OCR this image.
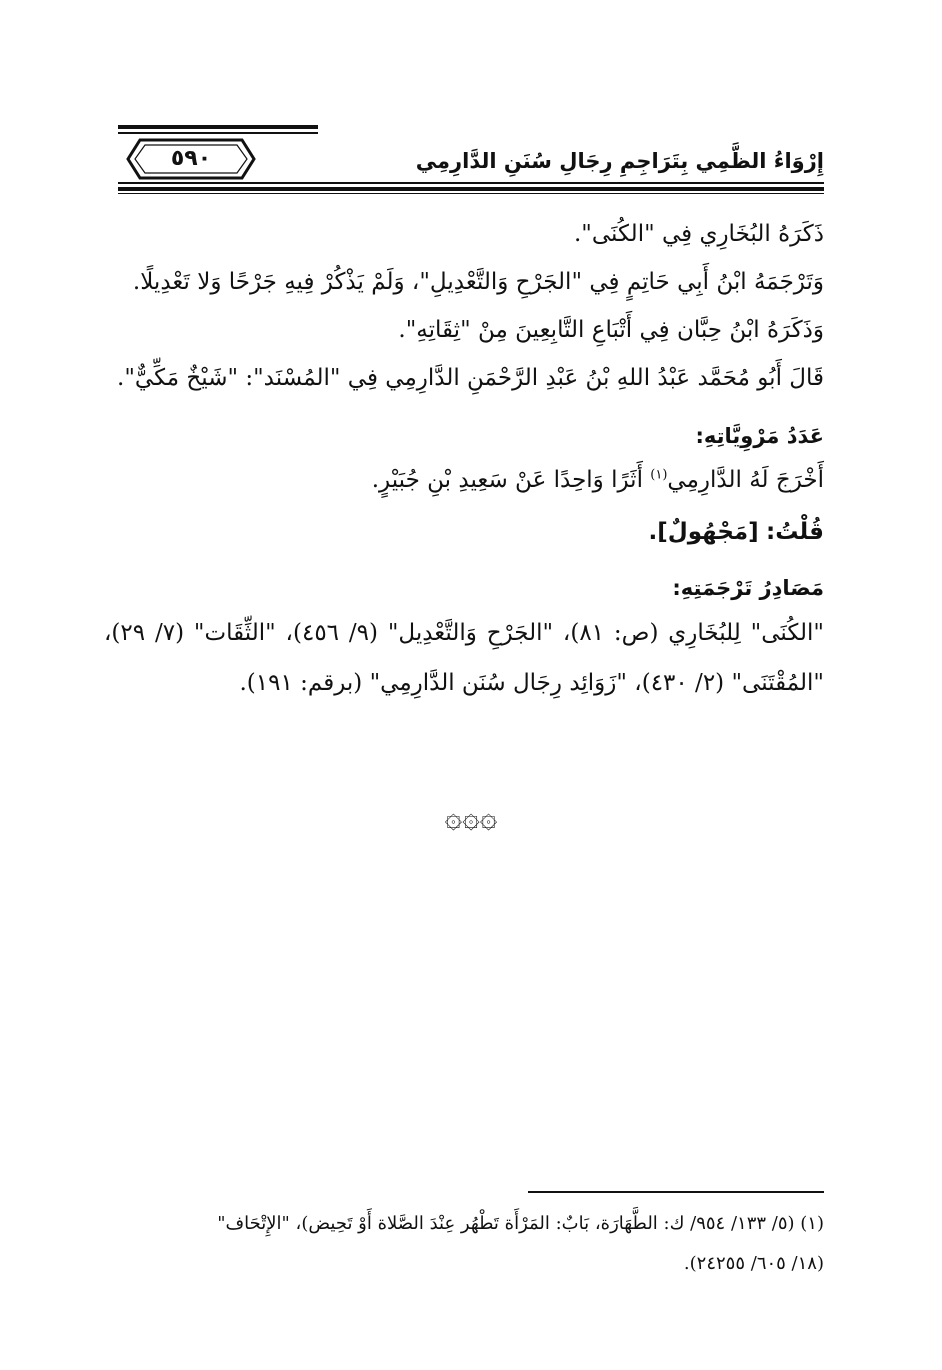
٥٩٠	إِرْوَاءُ الظَّمِي بِتَرَاجِمِ رِجَالِ سُنَنِ الدَّارِمِي

ذَكَرَهُ البُخَارِي فِي "الكُنَى".

وَتَرْجَمَهُ ابْنُ أَبِي حَاتِمٍ فِي "الجَرْحِ وَالتَّعْدِيلِ"، وَلَمْ يَذْكُرْ فِيهِ جَرْحًا وَلا تَعْدِيلًا.

وَذَكَرَهُ ابْنُ حِبَّان فِي أَتْبَاعِ التَّابِعِينَ مِنْ "ثِقَاتِهِ".

قَالَ أَبُو مُحَمَّد عَبْدُ اللهِ بْنُ عَبْدِ الرَّحْمَنِ الدَّارِمِي فِي "المُسْنَد": "شَيْخٌ مَكِّيٌّ".

عَدَدُ مَرْوِيَّاتِهِ:

أَخْرَجَ لَهُ الدَّارِمِي$^{(١)}$ أَثَرًا وَاحِدًا عَنْ سَعِيدِ بْنِ جُبَيْرٍ.

قُلْتُ: [مَجْهُولٌ].

مَصَادِرُ تَرْجَمَتِهِ:

"الكُنَى" لِلبُخَارِي (ص: ٨١)، "الجَرْحِ وَالتَّعْدِيل" (٩/ ٤٥٦)، "الثِّقَات" (٧/ ٢٩)، "المُقْتَنَى" (٢/ ٤٣٠)، "زَوَائِد رِجَال سُنَن الدَّارِمِي" (برقم: ١٩١).

۞۞۞
(١) (٥/ ١٣٣/ ٩٥٤/ ك: الطَّهَارَة، بَابٌ: المَرْأَة تَطْهُر عِنْدَ الصَّلاة أَوْ تَحِيض)، "الإِتْحَاف"
(١٨/ ٦٠٥/ ٢٤٢٥٥).
